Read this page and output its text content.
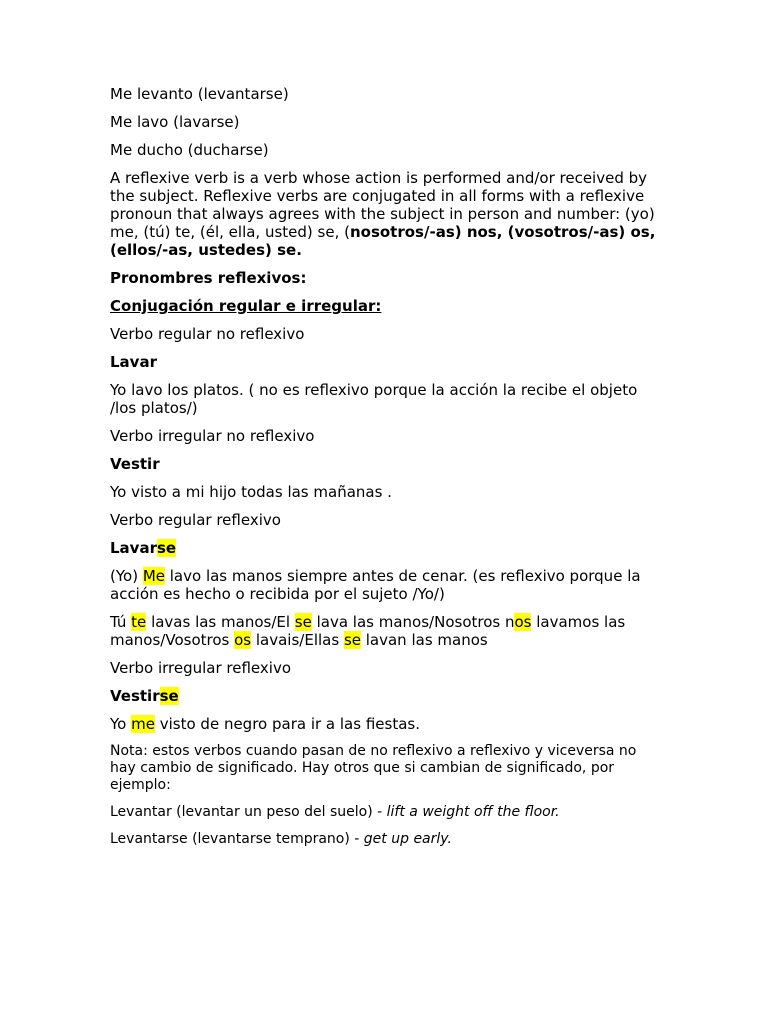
Me levanto (levantarse)

Me lavo (lavarse)

Me ducho (ducharse)

A reflexive verb is a verb whose action is performed and/or received by the subject. Reflexive verbs are conjugated in all forms with a reflexive pronoun that always agrees with the subject in person and number: (yo) me, (tú) te, (él, ella, usted) se, (nosotros/-as) nos, (vosotros/-as) os, (ellos/-as, ustedes) se.

Pronombres reflexivos:

Conjugación regular e irregular:

Verbo regular no reflexivo

Lavar

Yo lavo los platos. ( no es reflexivo porque la acción la recibe el objeto /los platos/)

Verbo irregular no reflexivo

Vestir

Yo visto a mi hijo todas las mañanas .

Verbo regular reflexivo

Lavarse

(Yo) Me lavo las manos siempre antes de cenar. (es reflexivo porque la acción es hecho o recibida por el sujeto /Yo/)

Tú te lavas las manos/El se lava las manos/Nosotros nos lavamos las manos/Vosotros os lavais/Ellas se lavan las manos

Verbo irregular reflexivo

Vestirse

Yo me visto de negro para ir a las fiestas.

Nota: estos verbos cuando pasan de no reflexivo a reflexivo y viceversa no hay cambio de significado. Hay otros que si cambian de significado, por ejemplo:

Levantar (levantar un peso del suelo) - lift a weight off the floor.

Levantarse (levantarse temprano) - get up early.
